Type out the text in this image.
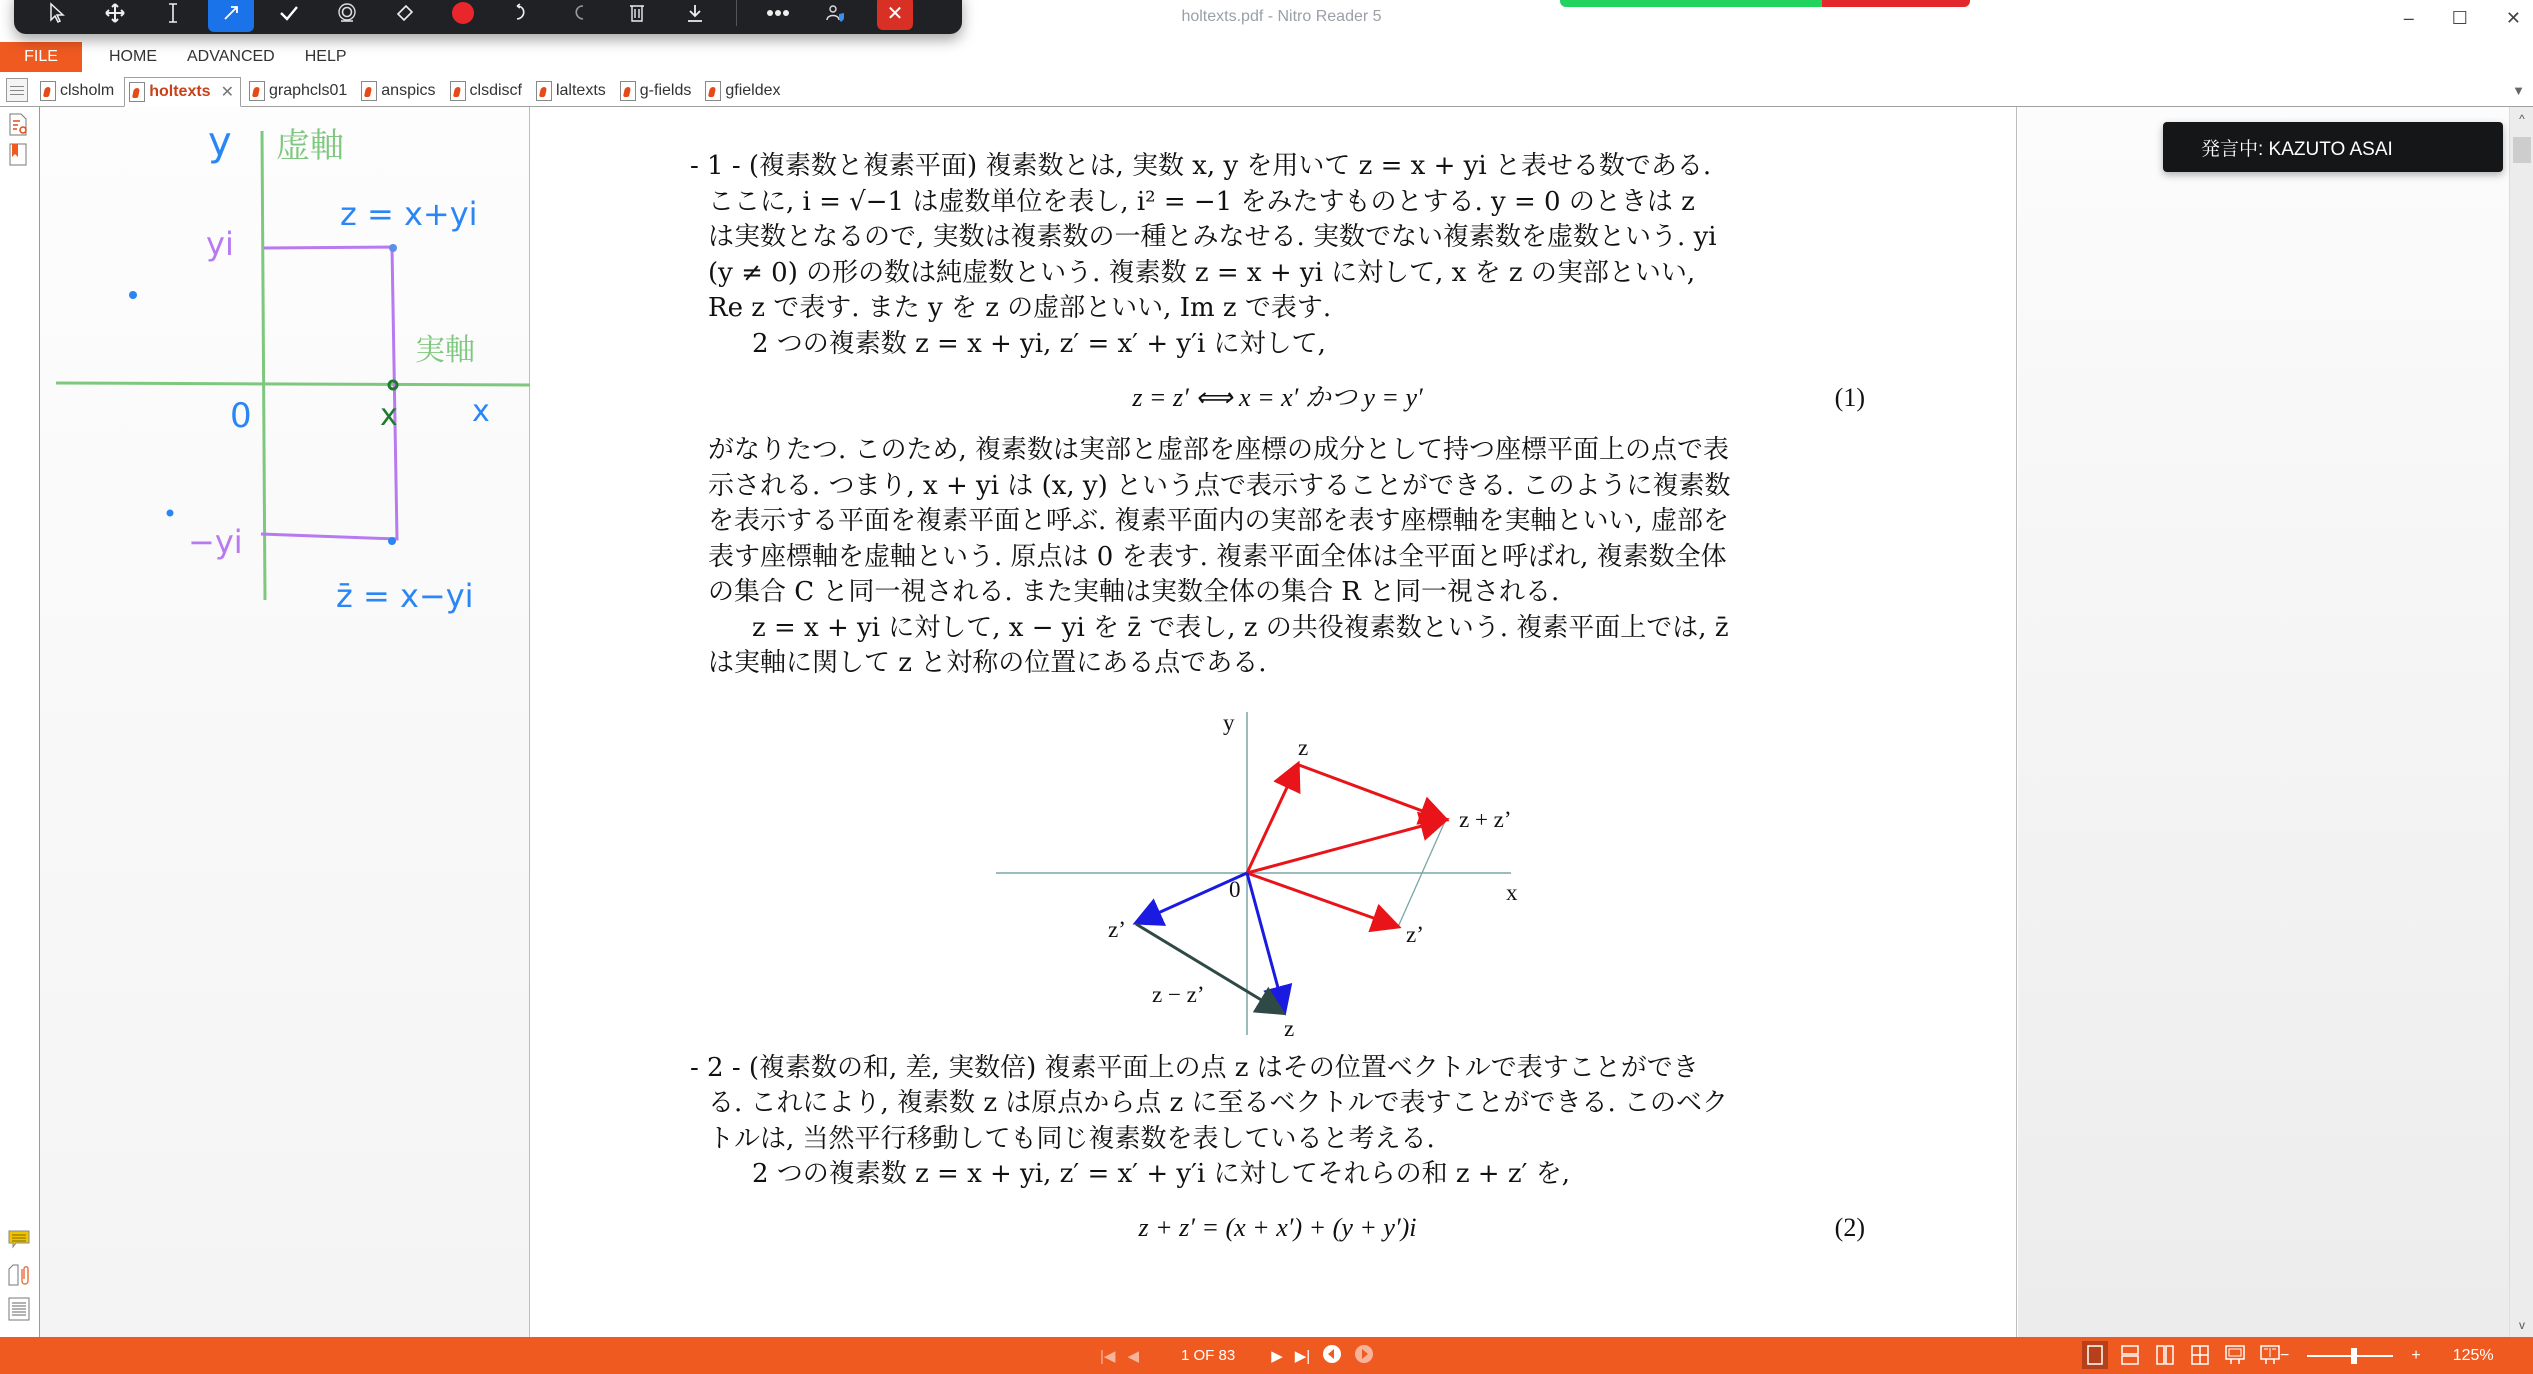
✕	holtexts.pdf - Nitro Reader 5	– ☐ ✕
FILE	HOME	ADVANCED	HELP
▼
clsholm holtexts ✕ graphcls01 anspics clsdiscf laltexts g-fields gfieldex
y 虚軸
z = x+yi
yi
実軸
0	x x
−yi
z̄ = x−yi

- 1 - (複素数と複素平面) 複素数とは, 実数 x, y を用いて z = x + yi と表せる数である.

ここに, i = √−1 は虚数単位を表し, i² = −1 をみたすものとする. y = 0 のときは z

は実数となるので, 実数は複素数の一種とみなせる. 実数でない複素数を虚数という. yi

(y ≠ 0) の形の数は純虚数という. 複素数 z = x + yi に対して, x を z の実部といい,

Re z で表す. また y を z の虚部といい, Im z で表す.

2 つの複素数 z = x + yi, z′ = x′ + y′i に対して,

z = z′ ⟺ x = x′ かつ y = y′	(1)

がなりたつ. このため, 複素数は実部と虚部を座標の成分として持つ座標平面上の点で表

示される. つまり, x + yi は (x, y) という点で表示することができる. このように複素数

を表示する平面を複素平面と呼ぶ. 複素平面内の実部を表す座標軸を実軸といい, 虚部を

表す座標軸を虚軸という. 原点は 0 を表す. 複素平面全体は全平面と呼ばれ, 複素数全体

の集合 C と同一視される. また実軸は実数全体の集合 R と同一視される.

z = x + yi に対して, x − yi を z̄ で表し, z の共役複素数という. 複素平面上では, z̄

は実軸に関して z と対称の位置にある点である.

y
z
z + z’
0	x
z’	z’
z − z’
z

- 2 - (複素数の和, 差, 実数倍) 複素平面上の点 z はその位置ベクトルで表すことができ

る. これにより, 複素数 z は原点から点 z に至るベクトルで表すことができる. このベク

トルは, 当然平行移動しても同じ複素数を表していると考える.

2 つの複素数 z = x + yi, z′ = x′ + y′i に対してそれらの和 z + z′ を,

z + z′ = (x + x′) + (y + y′)i	(2)
発言中: KAZUTO ASAI
^
v
|◀ ◀	1 OF 83 ▶ ▶|	−	+ 125%
